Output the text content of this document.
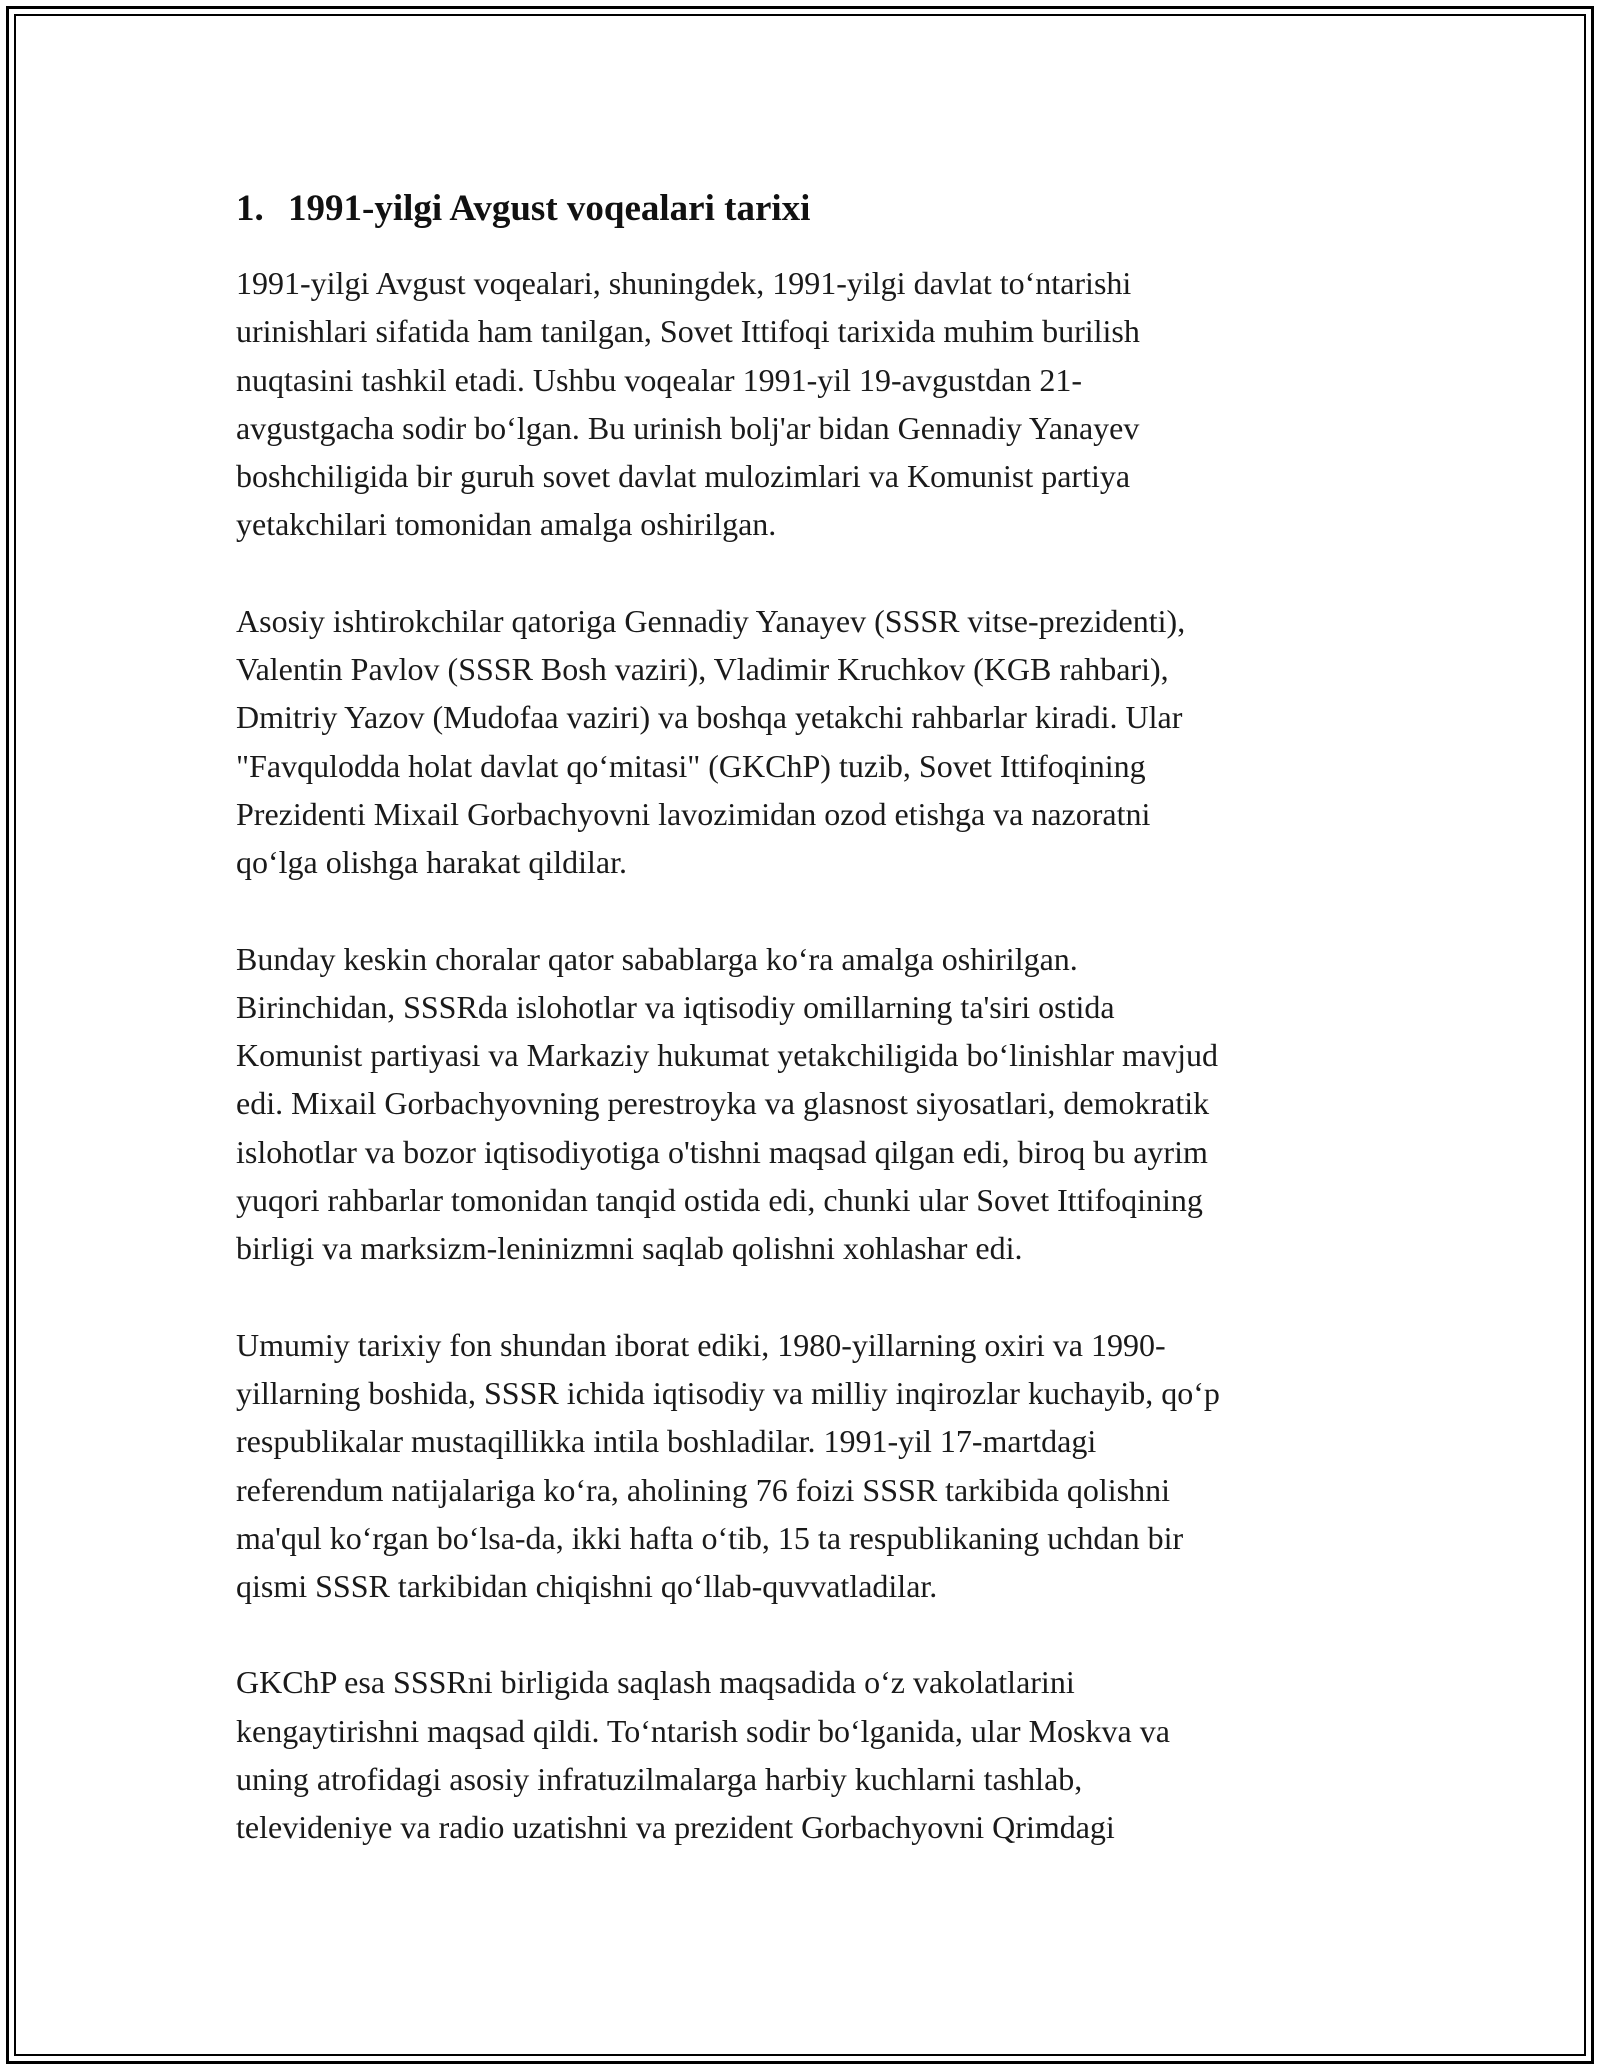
1. 1991-yilgi Avgust voqealari tarixi

1991-yilgi Avgust voqealari, shuningdek, 1991-yilgi davlat to‘ntarishi
urinishlari sifatida ham tanilgan, Sovet Ittifoqi tarixida muhim burilish
nuqtasini tashkil etadi. Ushbu voqealar 1991-yil 19-avgustdan 21-
avgustgacha sodir bo‘lgan. Bu urinish bolj'ar bidan Gennadiy Yanayev
boshchiligida bir guruh sovet davlat mulozimlari va Komunist partiya
yetakchilari tomonidan amalga oshirilgan.

Asosiy ishtirokchilar qatoriga Gennadiy Yanayev (SSSR vitse-prezidenti),
Valentin Pavlov (SSSR Bosh vaziri), Vladimir Kruchkov (KGB rahbari),
Dmitriy Yazov (Mudofaa vaziri) va boshqa yetakchi rahbarlar kiradi. Ular
"Favqulodda holat davlat qo‘mitasi" (GKChP) tuzib, Sovet Ittifoqining
Prezidenti Mixail Gorbachyovni lavozimidan ozod etishga va nazoratni
qo‘lga olishga harakat qildilar.

Bunday keskin choralar qator sabablarga ko‘ra amalga oshirilgan.
Birinchidan, SSSRda islohotlar va iqtisodiy omillarning ta'siri ostida
Komunist partiyasi va Markaziy hukumat yetakchiligida bo‘linishlar mavjud
edi. Mixail Gorbachyovning perestroyka va glasnost siyosatlari, demokratik
islohotlar va bozor iqtisodiyotiga o'tishni maqsad qilgan edi, biroq bu ayrim
yuqori rahbarlar tomonidan tanqid ostida edi, chunki ular Sovet Ittifoqining
birligi va marksizm-leninizmni saqlab qolishni xohlashar edi.

Umumiy tarixiy fon shundan iborat ediki, 1980-yillarning oxiri va 1990-
yillarning boshida, SSSR ichida iqtisodiy va milliy inqirozlar kuchayib, qo‘p
respublikalar mustaqillikka intila boshladilar. 1991-yil 17-martdagi
referendum natijalariga ko‘ra, aholining 76 foizi SSSR tarkibida qolishni
ma'qul ko‘rgan bo‘lsa-da, ikki hafta o‘tib, 15 ta respublikaning uchdan bir
qismi SSSR tarkibidan chiqishni qo‘llab-quvvatladilar.

GKChP esa SSSRni birligida saqlash maqsadida o‘z vakolatlarini
kengaytirishni maqsad qildi. To‘ntarish sodir bo‘lganida, ular Moskva va
uning atrofidagi asosiy infratuzilmalarga harbiy kuchlarni tashlab,
televideniye va radio uzatishni va prezident Gorbachyovni Qrimdagi
